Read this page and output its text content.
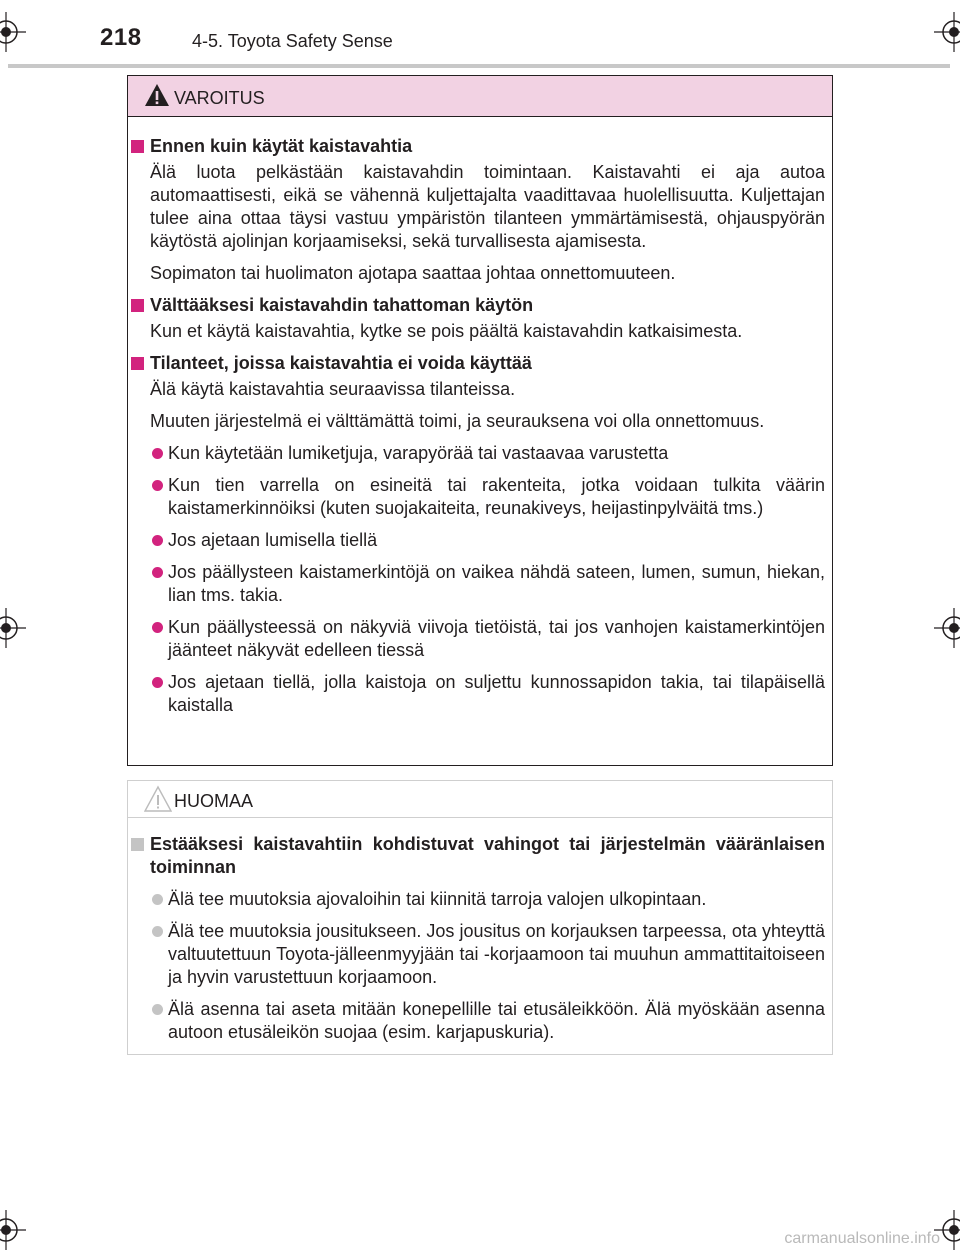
218	4-5. Toyota Safety Sense
VAROITUS
Ennen kuin käytät kaistavahtia
Älä luota pelkästään kaistavahdin toimintaan. Kaistavahti ei aja autoa automaattisesti, eikä se vähennä kuljettajalta vaadittavaa huolellisuutta. Kuljettajan tulee aina ottaa täysi vastuu ympäristön tilanteen ymmärtämisestä, ohjauspyörän käytöstä ajolinjan korjaamiseksi, sekä turvallisesta ajamisesta.
Sopimaton tai huolimaton ajotapa saattaa johtaa onnettomuuteen.
Välttääksesi kaistavahdin tahattoman käytön
Kun et käytä kaistavahtia, kytke se pois päältä kaistavahdin katkaisimesta.
Tilanteet, joissa kaistavahtia ei voida käyttää
Älä käytä kaistavahtia seuraavissa tilanteissa.
Muuten järjestelmä ei välttämättä toimi, ja seurauksena voi olla onnettomuus.
Kun käytetään lumiketjuja, varapyörää tai vastaavaa varustetta
Kun tien varrella on esineitä tai rakenteita, jotka voidaan tulkita väärin kaistamerkinnöiksi (kuten suojakaiteita, reunakiveys, heijastinpylväitä tms.)
Jos ajetaan lumisella tiellä
Jos päällysteen kaistamerkintöjä on vaikea nähdä sateen, lumen, sumun, hiekan, lian tms. takia.
Kun päällysteessä on näkyviä viivoja tietöistä, tai jos vanhojen kaistamerkintöjen jäänteet näkyvät edelleen tiessä
Jos ajetaan tiellä, jolla kaistoja on suljettu kunnossapidon takia, tai tilapäisellä kaistalla
HUOMAA
Estääksesi kaistavahtiin kohdistuvat vahingot tai järjestelmän vääränlaisen toiminnan
Älä tee muutoksia ajovaloihin tai kiinnitä tarroja valojen ulkopintaan.
Älä tee muutoksia jousitukseen. Jos jousitus on korjauksen tarpeessa, ota yhteyttä valtuutettuun Toyota-jälleenmyyjään tai -korjaamoon tai muuhun ammattitaitoiseen ja hyvin varustettuun korjaamoon.
Älä asenna tai aseta mitään konepellille tai etusäleikköön. Älä myöskään asenna autoon etusäleikön suojaa (esim. karjapuskuria).
carmanualsonline.info
